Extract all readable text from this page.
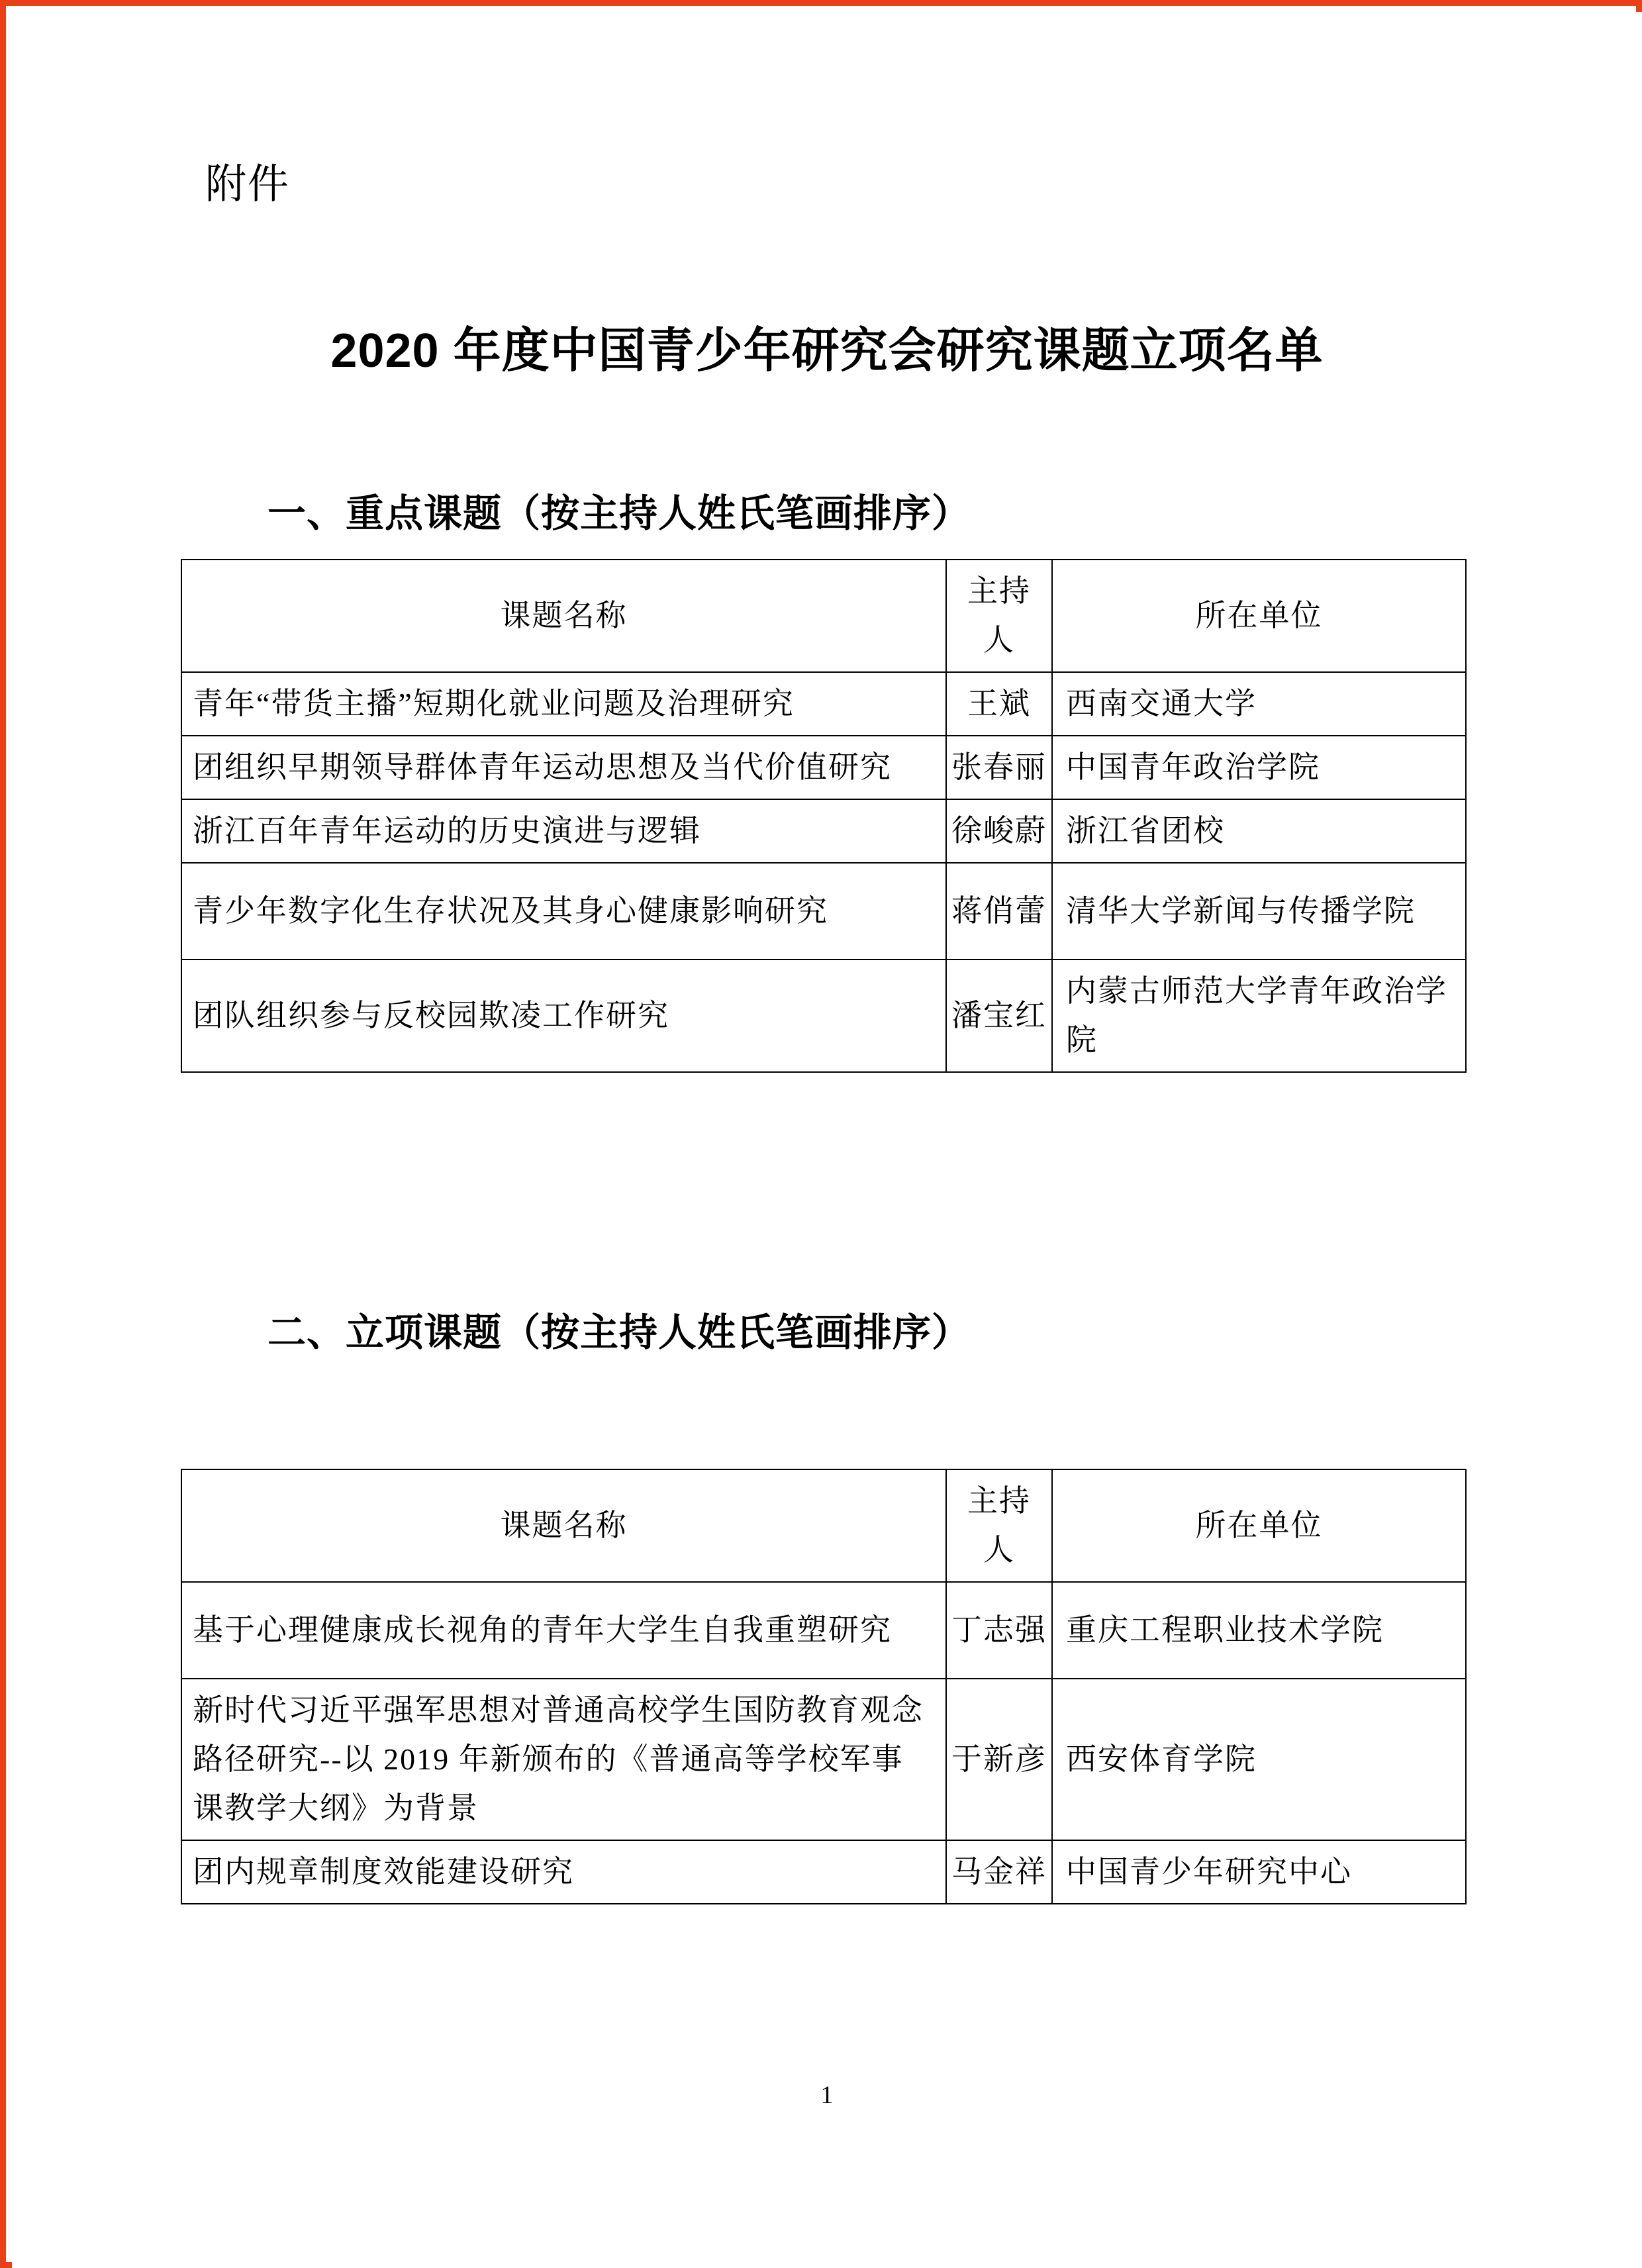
附件
2020 年度中国青少年研究会研究课题立项名单
一、重点课题（按主持人姓氏笔画排序）
课题名称	主持人	所在单位
青年“带货主播”短期化就业问题及治理研究	王斌	西南交通大学
团组织早期领导群体青年运动思想及当代价值研究	张春丽	中国青年政治学院
浙江百年青年运动的历史演进与逻辑	徐峻蔚	浙江省团校
青少年数字化生存状况及其身心健康影响研究	蒋俏蕾	清华大学新闻与传播学院
团队组织参与反校园欺凌工作研究	潘宝红	内蒙古师范大学青年政治学院
二、立项课题（按主持人姓氏笔画排序）
课题名称	主持人	所在单位
基于心理健康成长视角的青年大学生自我重塑研究	丁志强	重庆工程职业技术学院
新时代习近平强军思想对普通高校学生国防教育观念路径研究--以 2019 年新颁布的《普通高等学校军事课教学大纲》为背景	于新彦	西安体育学院
团内规章制度效能建设研究	马金祥	中国青少年研究中心
1
